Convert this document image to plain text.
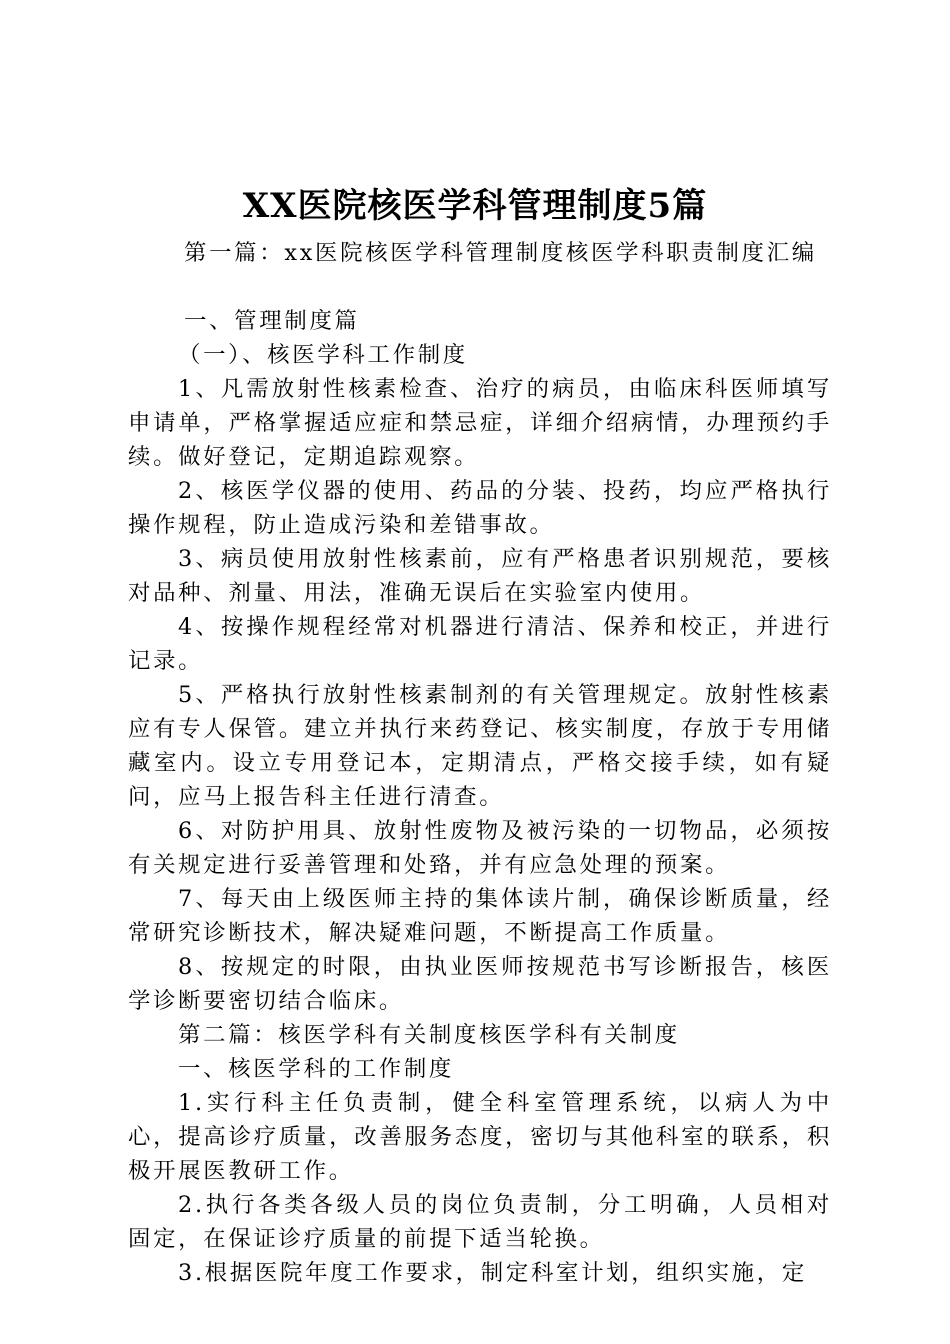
XX医院核医学科管理制度5篇

第一篇：xx医院核医学科管理制度核医学科职责制度汇编

一、管理制度篇

（一）、核医学科工作制度

1、凡需放射性核素检查、治疗的病员，由临床科医师填写申请单，严格掌握适应症和禁忌症，详细介绍病情，办理预约手续。做好登记，定期追踪观察。

2、核医学仪器的使用、药品的分装、投药，均应严格执行操作规程，防止造成污染和差错事故。

3、病员使用放射性核素前，应有严格患者识别规范，要核对品种、剂量、用法，准确无误后在实验室内使用。

4、按操作规程经常对机器进行清洁、保养和校正，并进行记录。

5、严格执行放射性核素制剂的有关管理规定。放射性核素应有专人保管。建立并执行来药登记、核实制度，存放于专用储藏室内。设立专用登记本，定期清点，严格交接手续，如有疑问，应马上报告科主任进行清查。

6、对防护用具、放射性废物及被污染的一切物品，必须按有关规定进行妥善管理和处臵，并有应急处理的预案。

7、每天由上级医师主持的集体读片制，确保诊断质量，经常研究诊断技术，解决疑难问题，不断提高工作质量。

8、按规定的时限，由执业医师按规范书写诊断报告，核医学诊断要密切结合临床。

第二篇：核医学科有关制度核医学科有关制度

一、核医学科的工作制度

1.实行科主任负责制，健全科室管理系统，以病人为中心，提高诊疗质量，改善服务态度，密切与其他科室的联系，积极开展医教研工作。

2.执行各类各级人员的岗位负责制，分工明确，人员相对固定，在保证诊疗质量的前提下适当轮换。

3.根据医院年度工作要求，制定科室计划，组织实施，定
